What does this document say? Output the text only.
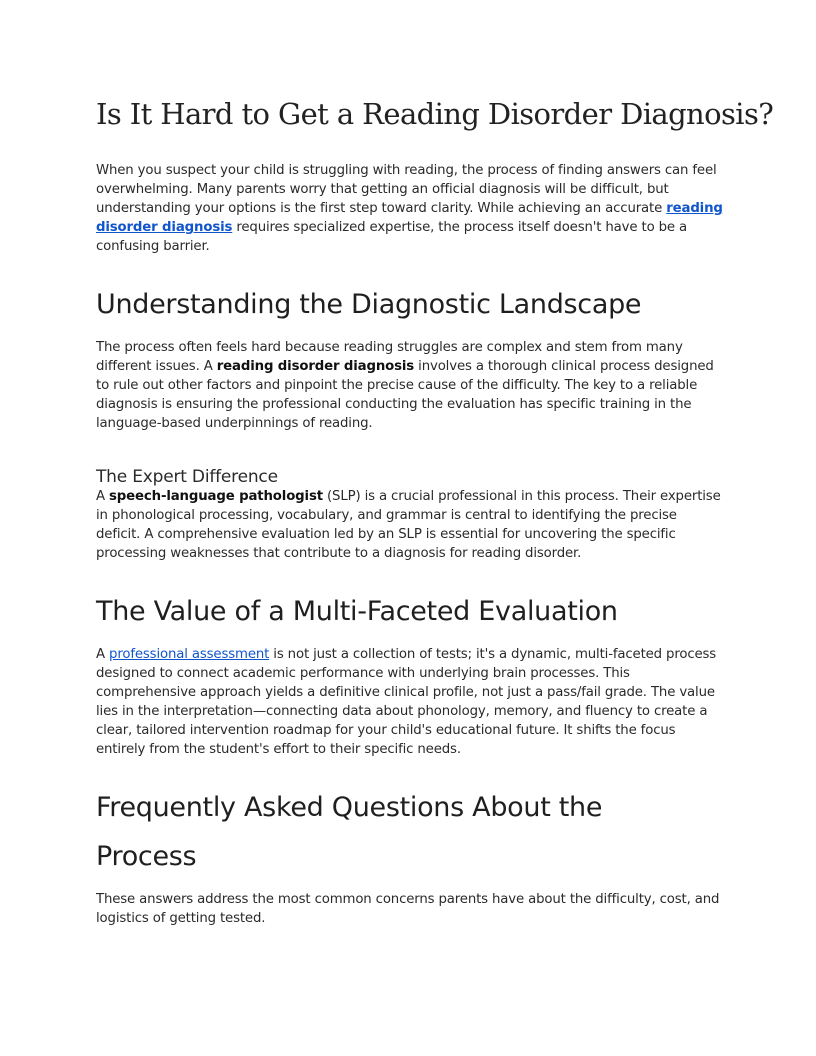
Is It Hard to Get a Reading Disorder Diagnosis?

When you suspect your child is struggling with reading, the process of finding answers can feel overwhelming. Many parents worry that getting an official diagnosis will be difficult, but understanding your options is the first step toward clarity. While achieving an accurate reading disorder diagnosis requires specialized expertise, the process itself doesn't have to be a confusing barrier.

Understanding the Diagnostic Landscape

The process often feels hard because reading struggles are complex and stem from many different issues. A reading disorder diagnosis involves a thorough clinical process designed to rule out other factors and pinpoint the precise cause of the difficulty. The key to a reliable diagnosis is ensuring the professional conducting the evaluation has specific training in the language-based underpinnings of reading.

The Expert Difference

A speech-language pathologist (SLP) is a crucial professional in this process. Their expertise in phonological processing, vocabulary, and grammar is central to identifying the precise deficit. A comprehensive evaluation led by an SLP is essential for uncovering the specific processing weaknesses that contribute to a diagnosis for reading disorder.

The Value of a Multi-Faceted Evaluation

A professional assessment is not just a collection of tests; it's a dynamic, multi-faceted process designed to connect academic performance with underlying brain processes. This comprehensive approach yields a definitive clinical profile, not just a pass/fail grade. The value lies in the interpretation—connecting data about phonology, memory, and fluency to create a clear, tailored intervention roadmap for your child's educational future. It shifts the focus entirely from the student's effort to their specific needs.

Frequently Asked Questions About the
Process

These answers address the most common concerns parents have about the difficulty, cost, and logistics of getting tested.
